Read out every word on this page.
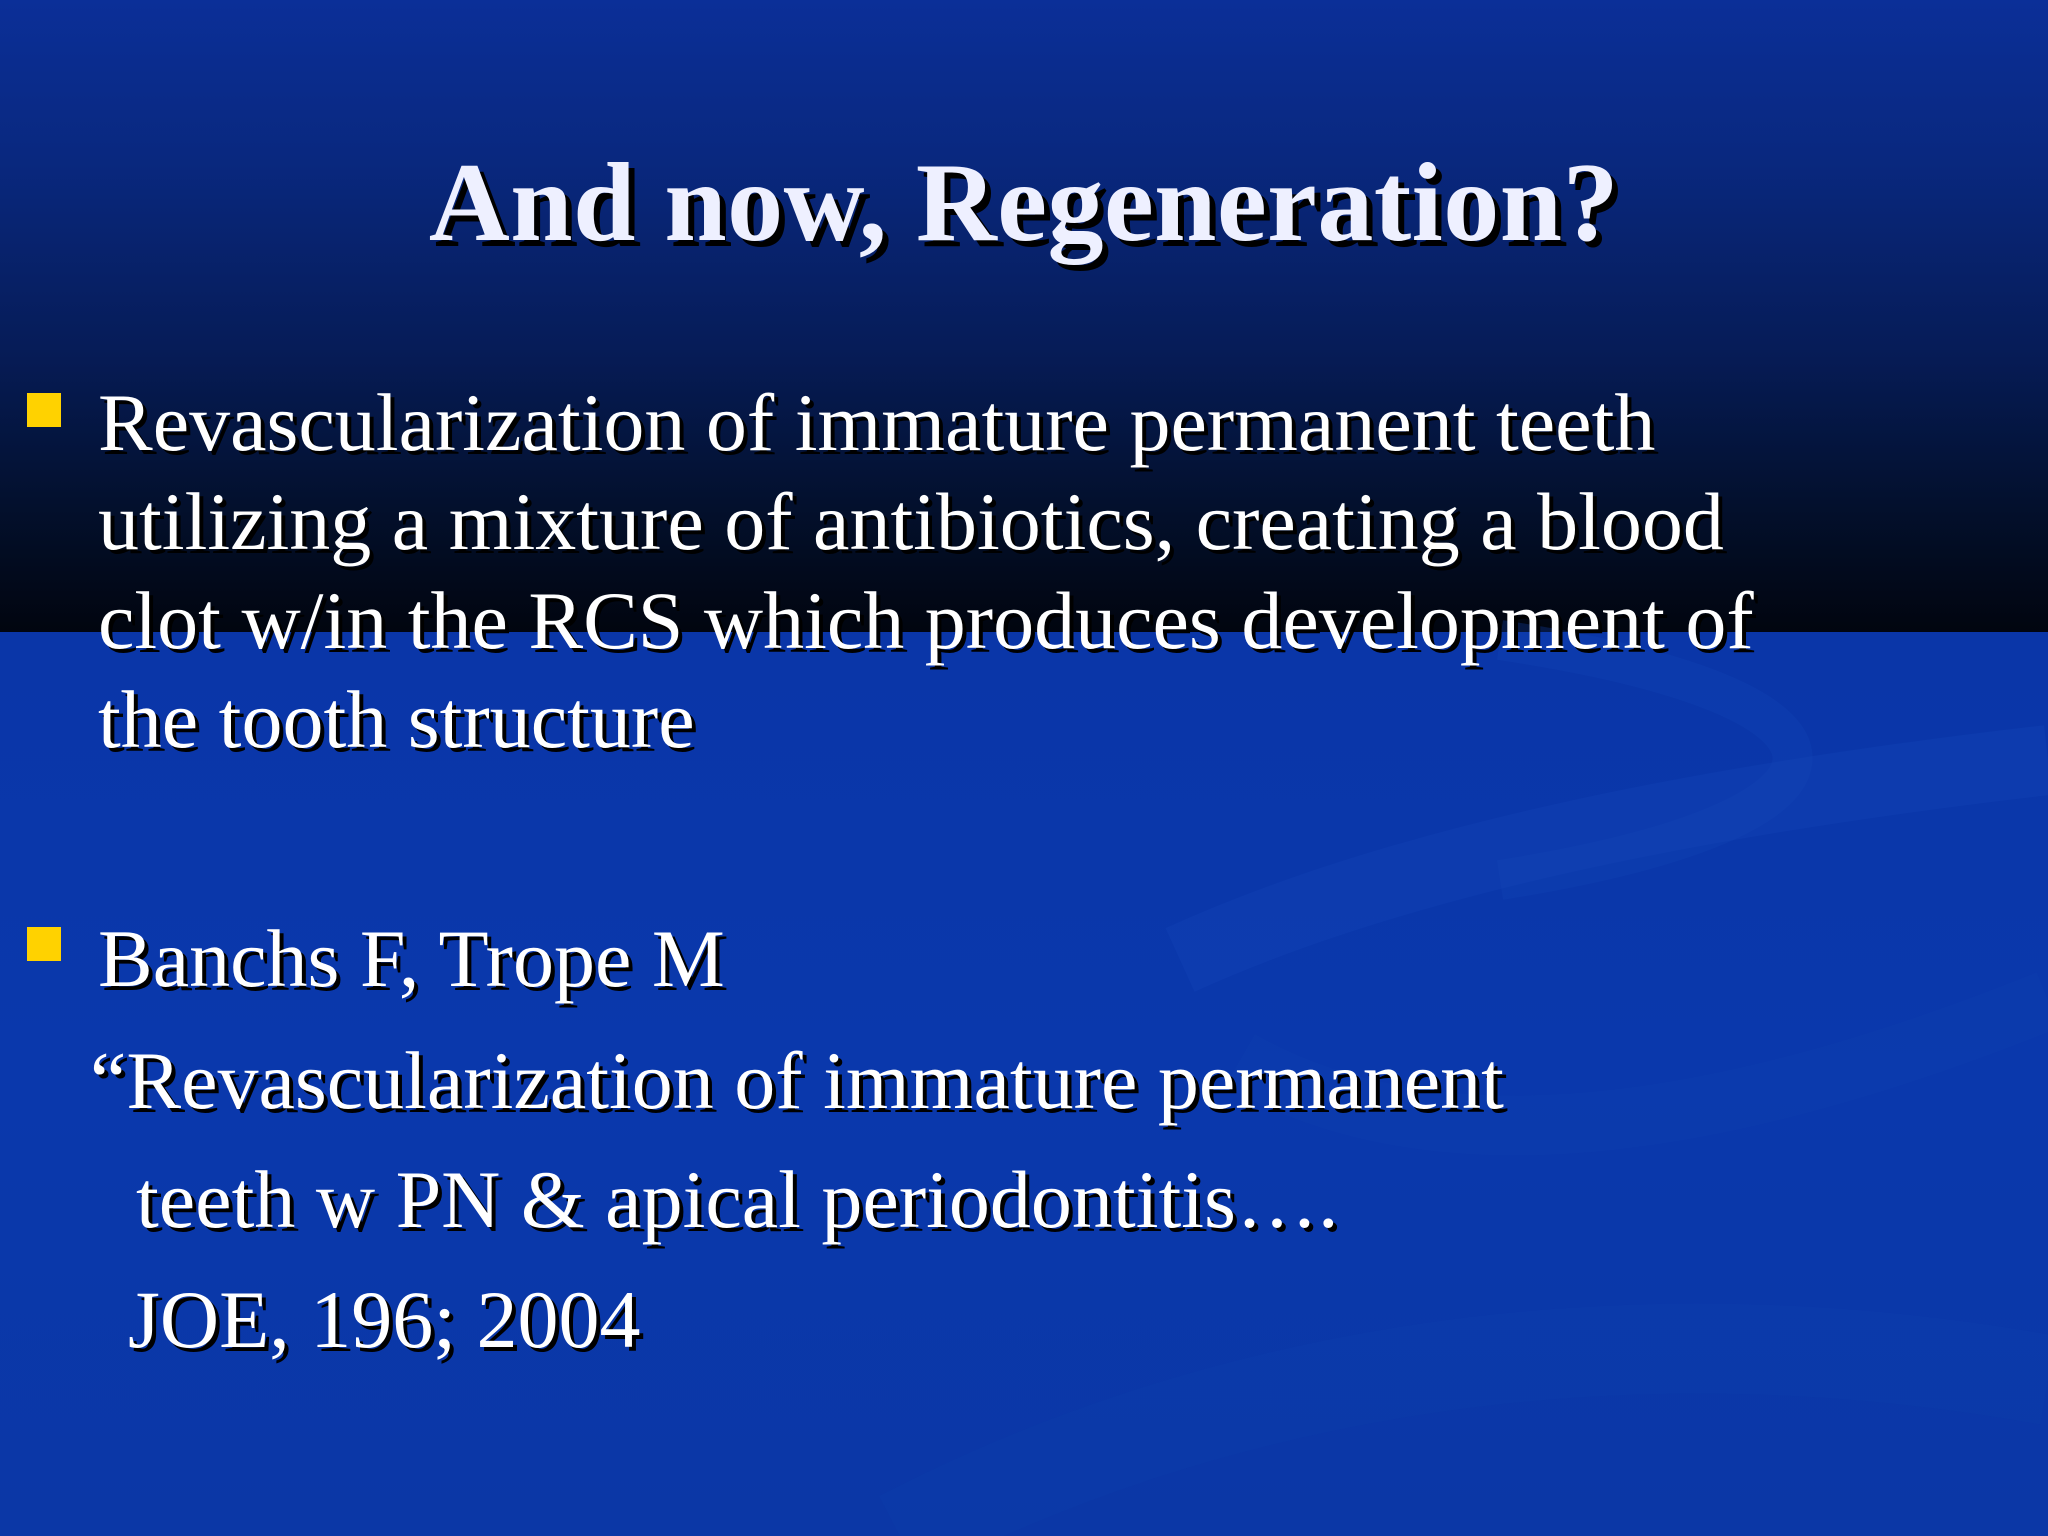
And now, Regeneration?
Revascularization of immature permanent teeth
utilizing a mixture of antibiotics, creating a blood
clot w/in the RCS which produces development of
the tooth structure
Banchs F, Trope M
“Revascularization of immature permanent
teeth w PN & apical periodontitis….
JOE, 196; 2004
